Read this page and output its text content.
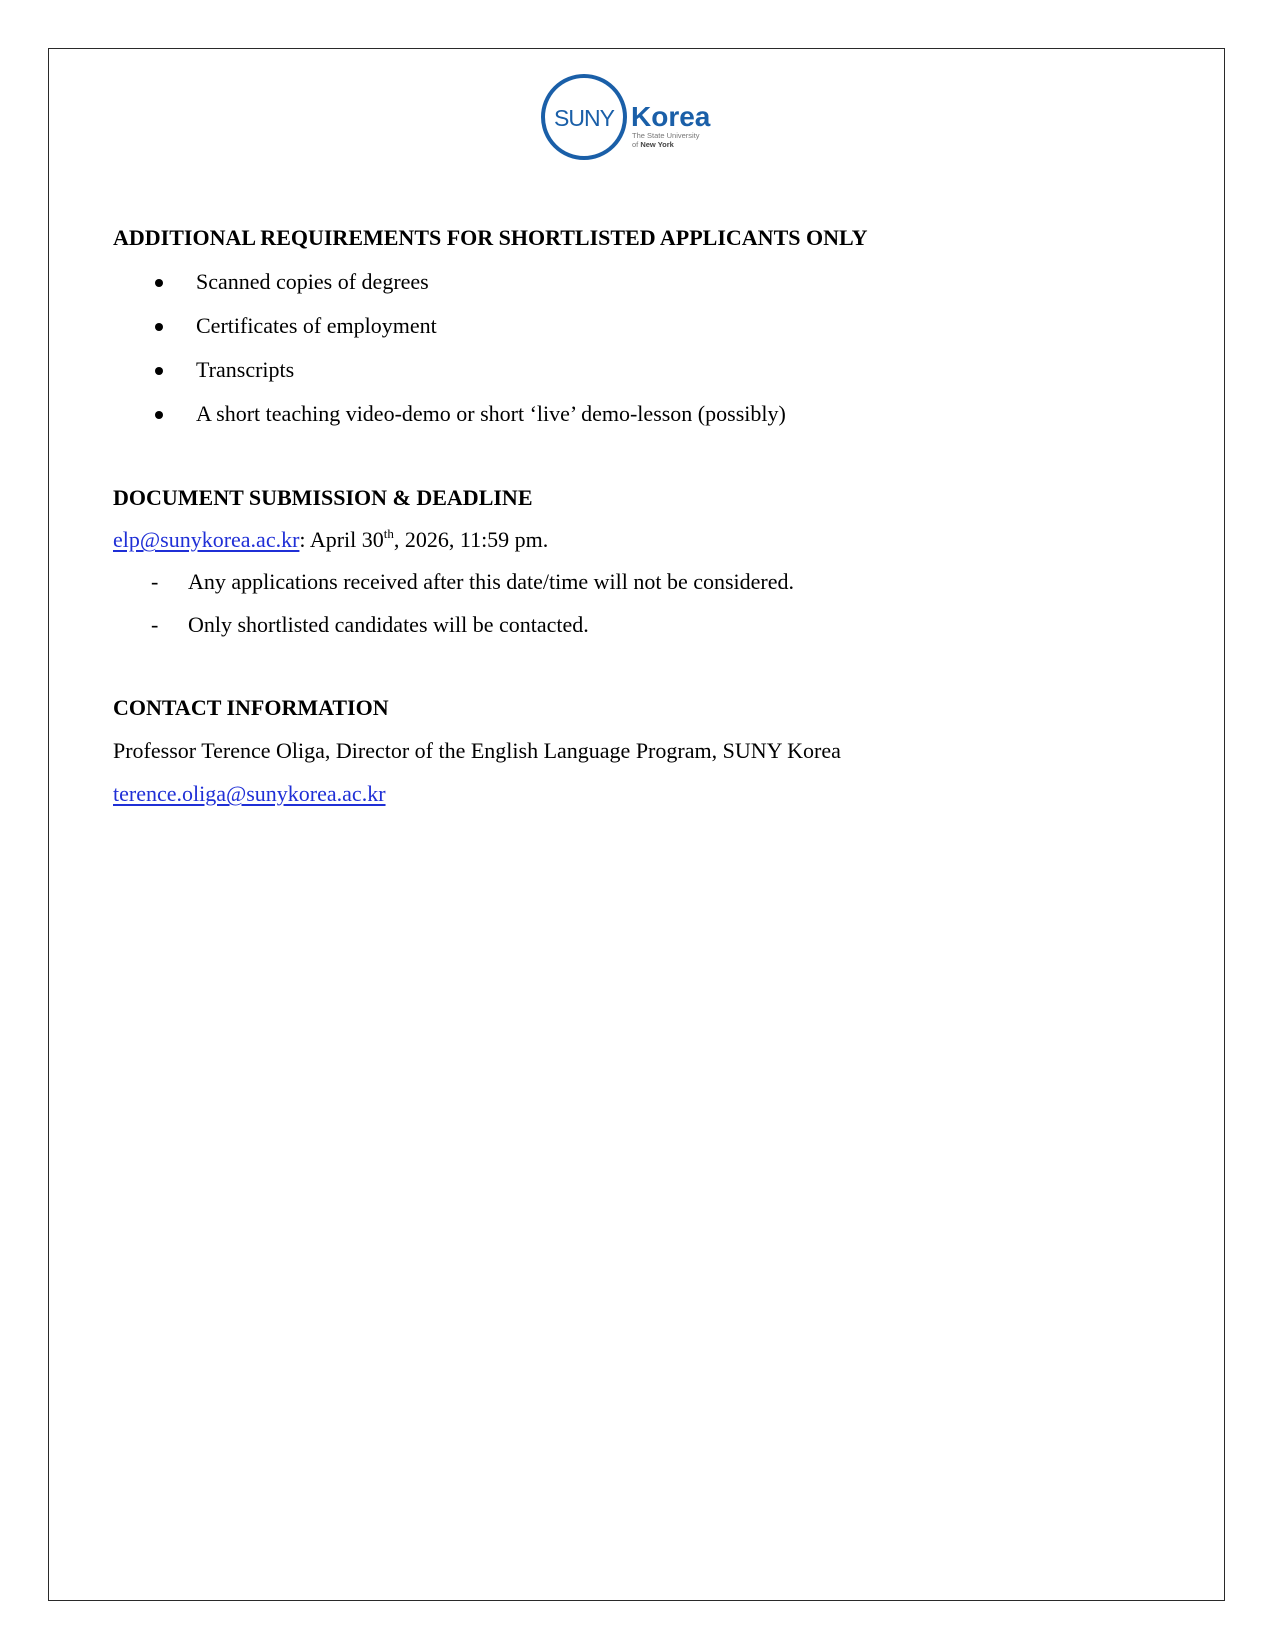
SUNY Korea
The State University
of New York
ADDITIONAL REQUIREMENTS FOR SHORTLISTED APPLICANTS ONLY
Scanned copies of degrees
Certificates of employment
Transcripts
A short teaching video-demo or short ‘live’ demo-lesson (possibly)
DOCUMENT SUBMISSION & DEADLINE
elp@sunykorea.ac.kr: April 30th, 2026, 11:59 pm.
- Any applications received after this date/time will not be considered.
- Only shortlisted candidates will be contacted.
CONTACT INFORMATION
Professor Terence Oliga, Director of the English Language Program, SUNY Korea
terence.oliga@sunykorea.ac.kr
